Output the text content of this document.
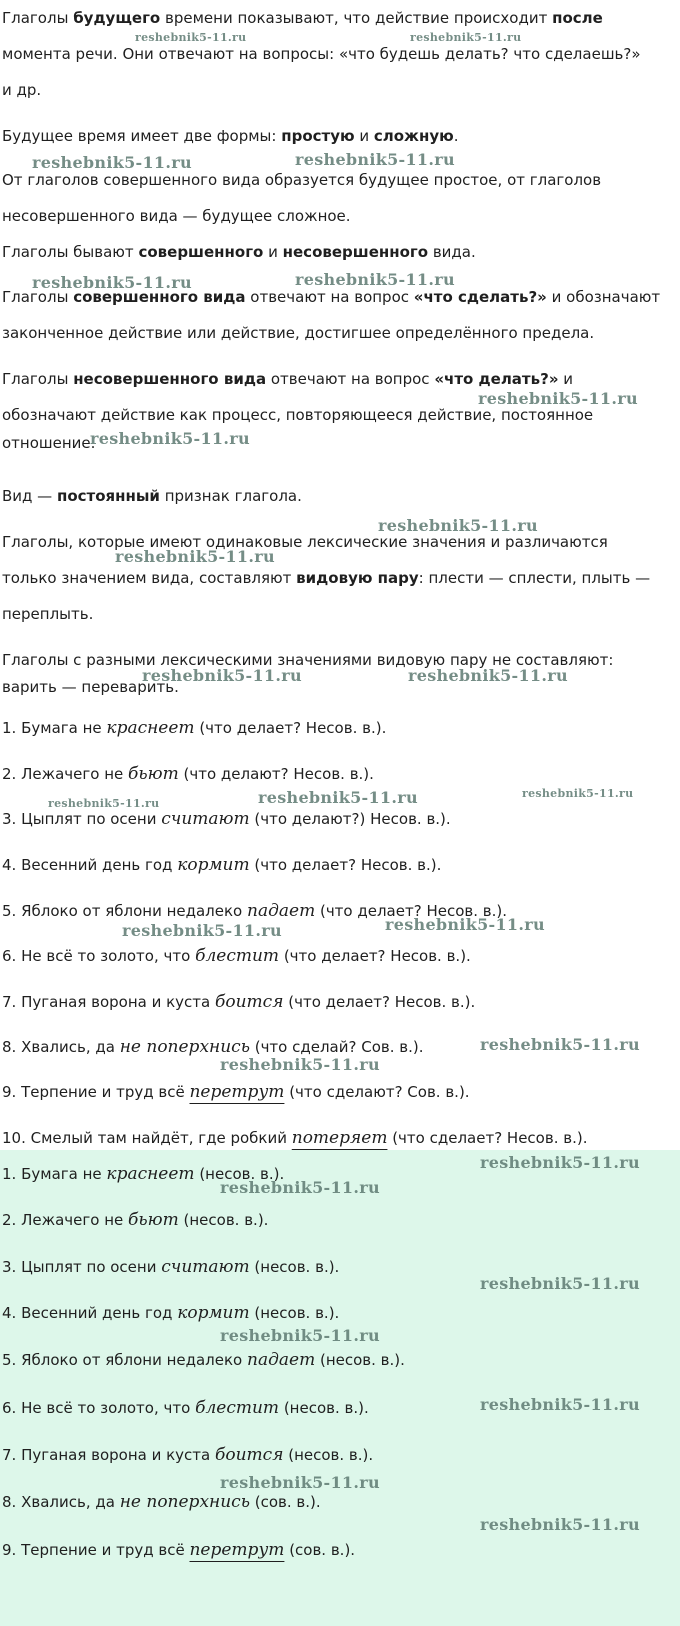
Глаголы будущего времени показывают, что действие происходит после

момента речи. Они отвечают на вопросы: «что будешь делать? что сделаешь?»

и др.

Будущее время имеет две формы: простую и сложную.

От глаголов совершенного вида образуется будущее простое, от глаголов

несовершенного вида — будущее сложное.

Глаголы бывают совершенного и несовершенного вида.

Глаголы совершенного вида отвечают на вопрос «что сделать?» и обозначают

законченное действие или действие, достигшее определённого предела.

Глаголы несовершенного вида отвечают на вопрос «что делать?» и

обозначают действие как процесс, повторяющееся действие, постоянное

отношение.

Вид — постоянный признак глагола.

Глаголы, которые имеют одинаковые лексические значения и различаются

только значением вида, составляют видовую пару: плести — сплести, плыть —

переплыть.

Глаголы с разными лексическими значениями видовую пару не составляют:

варить — переварить.

1. Бумага не краснеет (что делает? Несов. в.).

2. Лежачего не бьют (что делают? Несов. в.).

3. Цыплят по осени считают (что делают?) Несов. в.).

4. Весенний день год кормит (что делает? Несов. в.).

5. Яблоко от яблони недалеко падает (что делает? Несов. в.).

6. Не всё то золото, что блестит (что делает? Несов. в.).

7. Пуганая ворона и куста боится (что делает? Несов. в.).

8. Хвались, да не поперхнись (что сделай? Сов. в.).

9. Терпение и труд всё перетрут (что сделают? Сов. в.).

10. Смелый там найдёт, где робкий потеряет (что сделает? Несов. в.).

1. Бумага не краснеет (несов. в.).

2. Лежачего не бьют (несов. в.).

3. Цыплят по осени считают (несов. в.).

4. Весенний день год кормит (несов. в.).

5. Яблоко от яблони недалеко падает (несов. в.).

6. Не всё то золото, что блестит (несов. в.).

7. Пуганая ворона и куста боится (несов. в.).

8. Хвались, да не поперхнись (сов. в.).

9. Терпение и труд всё перетрут (сов. в.).

reshebnik5-11.ru	reshebnik5-11.ru
reshebnik5-11.ru	reshebnik5-11.ru
reshebnik5-11.ru	reshebnik5-11.ru
reshebnik5-11.ru
reshebnik5-11.ru
reshebnik5-11.ru
reshebnik5-11.ru
reshebnik5-11.ru	reshebnik5-11.ru
reshebnik5-11.ru	reshebnik5-11.ru	reshebnik5-11.ru
reshebnik5-11.ru
reshebnik5-11.ru
reshebnik5-11.ru
reshebnik5-11.ru
reshebnik5-11.ru
reshebnik5-11.ru
reshebnik5-11.ru
reshebnik5-11.ru
reshebnik5-11.ru
reshebnik5-11.ru
reshebnik5-11.ru
